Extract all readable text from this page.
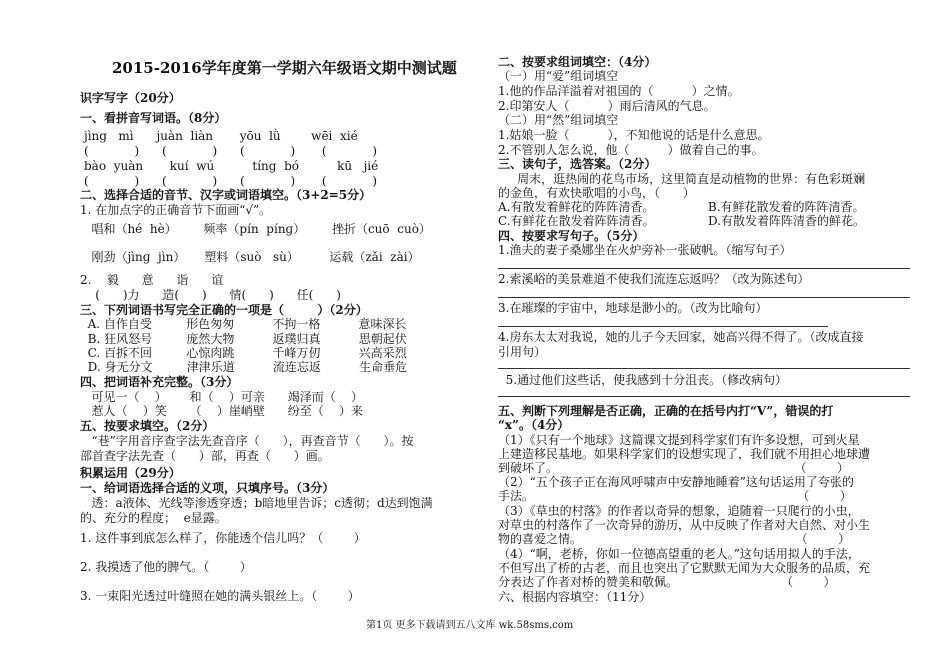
2015-2016学年度第一学期六年级语文期中测试题
识字写字（20分）
一、看拼音写词语。（8分）
jìng   mì      juàn  liàn       yōu  lǜ        wēi  xié
(            )      (            )      (            )       (            )
bào  yuàn       kuí  wú          tíng  bó          kū   jié
(            )      (            )      (            )       (            )
二、选择合适的音节、汉字或词语填空。（3+2=5分）
1. 在加点字的正确音节下面画“√”。
唱和（hé  hè）       频率（pín  pínɡ）       挫折（cuō  cuò）
刚劲（jìnɡ  jìn）     塑料（suò   sù）        运载（zǎi  zài）
2.    毅      意      诣      谊
(      )力      造(      )      情(      )      任(      )
三、下列词语书写完全正确的一项是（        ）（2分）
A. 自作自受         形色匆匆          不拘一格          意味深长
B. 狂风怒号         庞然大物          返璞归真          思朝起伏
C. 百拆不回         心惊肉跳          千峰万仞          兴高采烈
D. 身无分文         津津乐道          流连忘返          生命垂危
四、把词语补充完整。（3分）
可见一（    ）      和（    ）可亲      竭泽而（    ）
惹人（    ）笑      （    ）崖峭壁      纷至（    ）来
五、按要求填空。（2分）
“巷”字用音序查字法先查音序（      ），再查音节（      ）。按
部首查字法先查（      ）部，再查（      ）画。
积累运用（29分）
一、给词语选择合适的义项，只填序号。（3分）
透：a液体、光线等渗透穿透；b暗地里告诉；c透彻；d达到饱满
的、充分的程度；  e显露。
1. 这件事到底怎么样了，你能透个信儿吗？（        ）
2. 我摸透了他的脾气。（        ）
3. 一束阳光透过叶缝照在她的满头银丝上。（        ）
二、按要求组词填空：（4分）
（一）用“爱”组词填空
1.他的作品洋溢着对祖国的（          ）之情。
2.印第安人（          ）雨后清风的气息。
（二）用“然”组词填空
1.姑娘一脸（          ），不知他说的话是什么意思。
2.不管别人怎么说，他（          ）做着自己的事。
三、读句子，选答案。（2分）
周末，逛热闹的花鸟市场，这里简直是动植物的世界：有色彩斑斓
的金鱼，有欢快歌唱的小鸟，（      ）
A.有散发着鲜花的阵阵清香。              B.有鲜花散发着的阵阵清香。
C.有鲜花在散发着阵阵清香。              D.有散发着阵阵清香的鲜花。
四、按要求写句子。（5分）
1.渔夫的妻子桑娜坐在火炉旁补一张破帆。（缩写句子）
2.索溪峪的美景难道不使我们流连忘返吗？（改为陈述句）
3.在璀璨的宇宙中，地球是渺小的。（改为比喻句）
4.房东太太对我说，她的儿子今天回家，她高兴得不得了。（改成直接
引用句）
5.通过他们这些话，使我感到十分沮丧。（修改病句）
五、判断下列理解是否正确，正确的在括号内打“V”，错误的打
“x”。（4分）
（1）《只有一个地球》这篇课文提到科学家们有许多设想，可到火星
上建造移民基地。如果科学家们的设想实现了，我们就不用担心地球遭
到破坏了。                                                              （        ）
（2）“五个孩子正在海风呼啸声中安静地睡着”这句话运用了夸张的
手法。                                                                     （        ）
（3）《草虫的村落》的作者以奇异的想象，追随着一只爬行的小虫，
对草虫的村落作了一次奇异的游历，从中反映了作者对大自然、对小生
物的喜爱之情。                                                        （        ）
（4）“啊，老桥，你如一位德高望重的老人。”这句话用拟人的手法，
不但写出了桥的古老，而且也突出了它默默无闻为大众服务的品质，充
分表达了作者对桥的赞美和敬佩。                           （        ）
六、根据内容填空：（11分）
第1页 更多下载请到五八文库 wk.58sms.com
